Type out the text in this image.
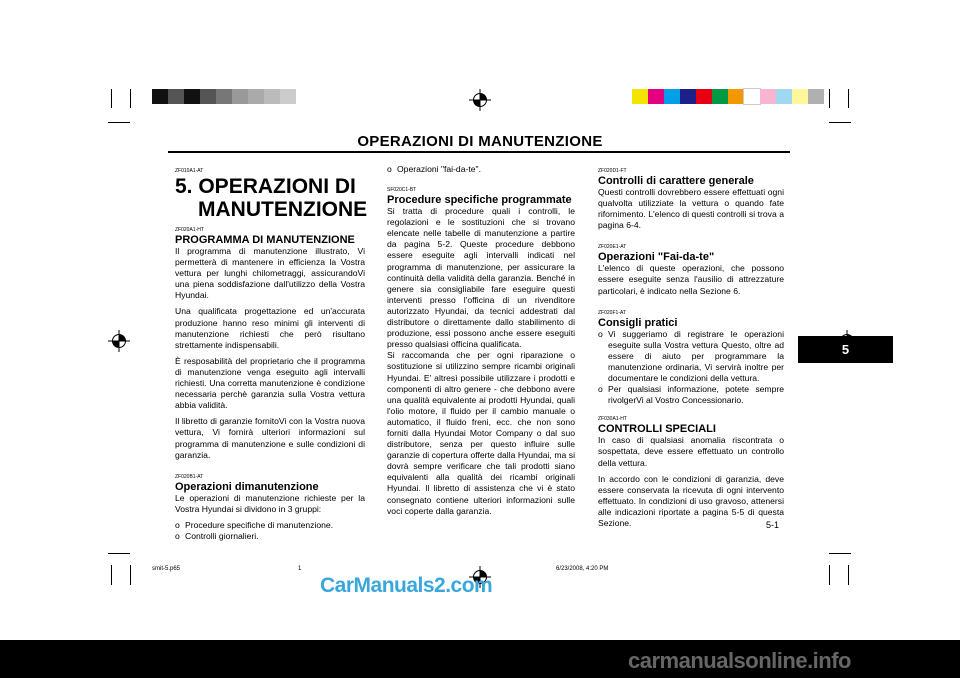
OPERAZIONI DI MANUTENZIONE
ZF010A1-AT
5. OPERAZIONI DI
MANUTENZIONE
ZF020A1-HT
PROGRAMMA DI MANUTENZIONE

Il programma di manutenzione illustrato, Vi permetterà di mantenere in efficienza la Vostra vettura per lunghi chilometraggi, assicurandoVi una piena soddisfazione dall'utilizzo della Vostra Hyundai.

Una qualificata progettazione ed un'accurata produzione hanno reso minimi gli interventi di manutenzione richiesti che però risultano strettamente indispensabili.

È resposabilità del proprietario che il programma di manutenzione venga eseguito agli intervalli richiesti. Una corretta manutenzione è condizione necessaria perchè garanzia sulla Vostra vettura abbia validità.

Il libretto di garanzie fornitoVi con la Vostra nuova vettura, Vi fornirà ulteriori informazioni sul programma di manutenzione e sulle condizioni di garanzia.

ZF020B1-AT
Operazioni dimanutenzione

Le operazioni di manutenzione richieste per la Vostra Hyundai si dividono in 3 gruppi:

o Procedure specifiche di manutenzione.
o Controlli giornalieri.
o Operazioni "fai-da-te".
SF020C1-BT
Procedure specifiche programmate

Si tratta di procedure quali i controlli, le regolazioni e le sostituzioni che si trovano elencate nelle tabelle di manutenzione a partire da pagina 5-2. Queste procedure debbono essere eseguite agli intervalli indicati nel programma di manutenzione, per assicurare la continuità della validità della garanzia. Benché in genere sia consigliabile fare eseguire questi interventi presso l'officina di un rivenditore autorizzato Hyundai, da tecnici addestrati dal distributore o direttamente dallo stabilimento di produzione, essi possono anche essere eseguiti presso qualsiasi officina qualificata.

Si raccomanda che per ogni riparazione o sostituzione si utilizzino sempre ricambi originali Hyundai. E' altresì possibile utilizzare i prodotti e componenti di altro genere - che debbono avere una qualità equivalente ai prodotti Hyundai, quali l'olio motore, il fluido per il cambio manuale o automatico, il fluido freni, ecc. che non sono forniti dalla Hyundai Motor Company o dal suo distributore, senza per questo influire sulle garanzie di copertura offerte dalla Hyundai, ma si dovrà sempre verificare che tali prodotti siano equivalenti alla qualità dei ricambi originali Hyundai. Il libretto di assistenza che vi è stato consegnato contiene ulteriori informazioni sulle voci coperte dalla garanzia.

ZF020D1-FT
Controlli di carattere generale

Questi controlli dovrebbero essere effettuati ogni qualvolta utilizziate la vettura o quando fate rifornimento. L'elenco di questi controlli si trova a pagina 6-4.

ZF020E1-AT
Operazioni "Fai-da-te"

L'elenco di queste operazioni, che possono essere eseguite senza l'ausilio di attrezzature particolari, è indicato nella Sezione 6.

ZF020F1-AT
Consigli pratici
o Vi suggeriamo di registrare le operazioni eseguite sulla Vostra vettura Questo, oltre ad essere di aiuto per programmare la manutenzione ordinaria, Vi servirà inoltre per documentare le condizioni della vettura.
o Per qualsiasi informazione, potete sempre rivolgerVi al Vostro Concessionario.
ZF030A1-HT
CONTROLLI SPECIALI

In caso di qualsiasi anomalia riscontrata o sospettata, deve essere effettuato un controllo della vettura.

In accordo con le condizioni di garanzia, deve essere conservata la ricevuta di ogni intervento effettuato. In condizioni di uso gravoso, attenersi alle indicazioni riportate a pagina 5-5 di questa Sezione.

5
5-1
smit-5.p65	1	6/23/2008, 4:20 PM
CarManuals2.com
carmanualsonline.info
